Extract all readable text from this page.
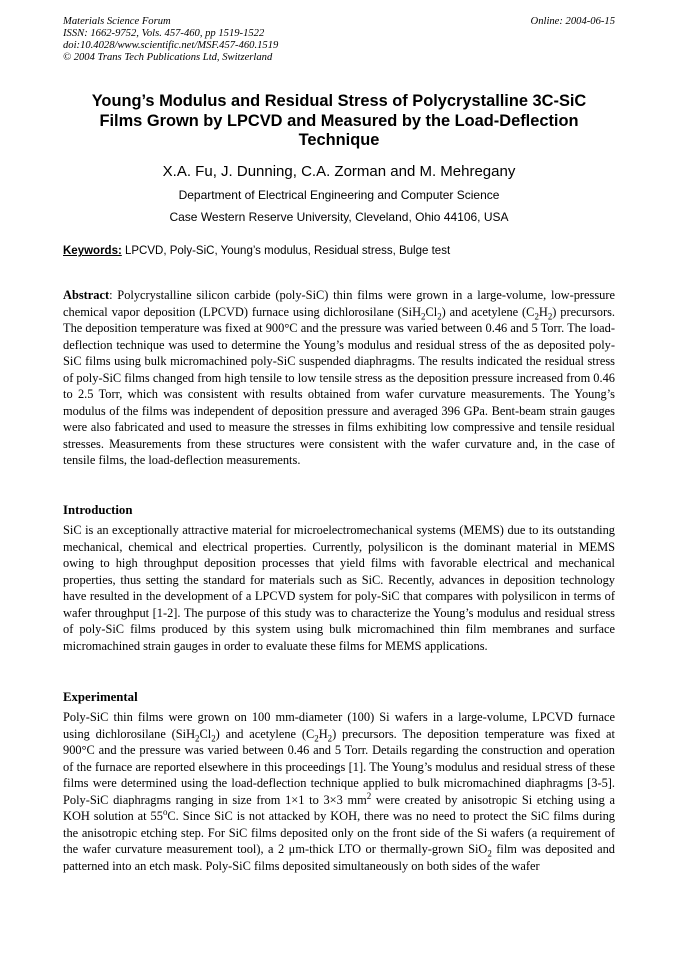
Materials Science Forum
ISSN: 1662-9752, Vols. 457-460, pp 1519-1522
doi:10.4028/www.scientific.net/MSF.457-460.1519
© 2004 Trans Tech Publications Ltd, Switzerland
Online: 2004-06-15
Young’s Modulus and Residual Stress of Polycrystalline 3C-SiC
Films Grown by LPCVD and Measured by the Load-Deflection
Technique
X.A. Fu, J. Dunning, C.A. Zorman and M. Mehregany
Department of Electrical Engineering and Computer Science
Case Western Reserve University, Cleveland, Ohio 44106, USA
Keywords: LPCVD, Poly-SiC, Young’s modulus, Residual stress, Bulge test
Abstract: Polycrystalline silicon carbide (poly-SiC) thin films were grown in a large-volume, low-pressure chemical vapor deposition (LPCVD) furnace using dichlorosilane $(SiH_2Cl_2)$ and acetylene $(C_2H_2)$ precursors. The deposition temperature was fixed at 900°C and the pressure was varied between 0.46 and 5 Torr. The load-deflection technique was used to determine the Young’s modulus and residual stress of the as deposited poly-SiC films using bulk micromachined poly-SiC suspended diaphragms. The results indicated the residual stress of poly-SiC films changed from high tensile to low tensile stress as the deposition pressure increased from 0.46 to 2.5 Torr, which was consistent with results obtained from wafer curvature measurements. The Young’s modulus of the films was independent of deposition pressure and averaged 396 GPa. Bent-beam strain gauges were also fabricated and used to measure the stresses in films exhibiting low compressive and tensile residual stresses. Measurements from these structures were consistent with the wafer curvature and, in the case of tensile films, the load-deflection measurements.
Introduction
SiC is an exceptionally attractive material for microelectromechanical systems (MEMS) due to its outstanding mechanical, chemical and electrical properties. Currently, polysilicon is the dominant material in MEMS owing to high throughput deposition processes that yield films with favorable electrical and mechanical properties, thus setting the standard for materials such as SiC. Recently, advances in deposition technology have resulted in the development of a LPCVD system for poly-SiC that compares with polysilicon in terms of wafer throughput [1-2]. The purpose of this study was to characterize the Young’s modulus and residual stress of poly-SiC films produced by this system using bulk micromachined thin film membranes and surface micromachined strain gauges in order to evaluate these films for MEMS applications.
Experimental
Poly-SiC thin films were grown on 100 mm-diameter (100) Si wafers in a large-volume, LPCVD furnace using dichlorosilane $(SiH_2Cl_2)$ and acetylene $(C_2H_2)$ precursors. The deposition temperature was fixed at 900°C and the pressure was varied between 0.46 and 5 Torr. Details regarding the construction and operation of the furnace are reported elsewhere in this proceedings [1]. The Young’s modulus and residual stress of these films were determined using the load-deflection technique applied to bulk micromachined diaphragms [3-5]. Poly-SiC diaphragms ranging in size from 1×1 to 3×3 $mm^2$ were created by anisotropic Si etching using a KOH solution at 55$^o$C. Since SiC is not attacked by KOH, there was no need to protect the SiC films during the anisotropic etching step. For SiC films deposited only on the front side of the Si wafers (a requirement of the wafer curvature measurement tool), a 2 μm-thick LTO or thermally-grown SiO$_2$ film was deposited and patterned into an etch mask. Poly-SiC films deposited simultaneously on both sides of the wafer
